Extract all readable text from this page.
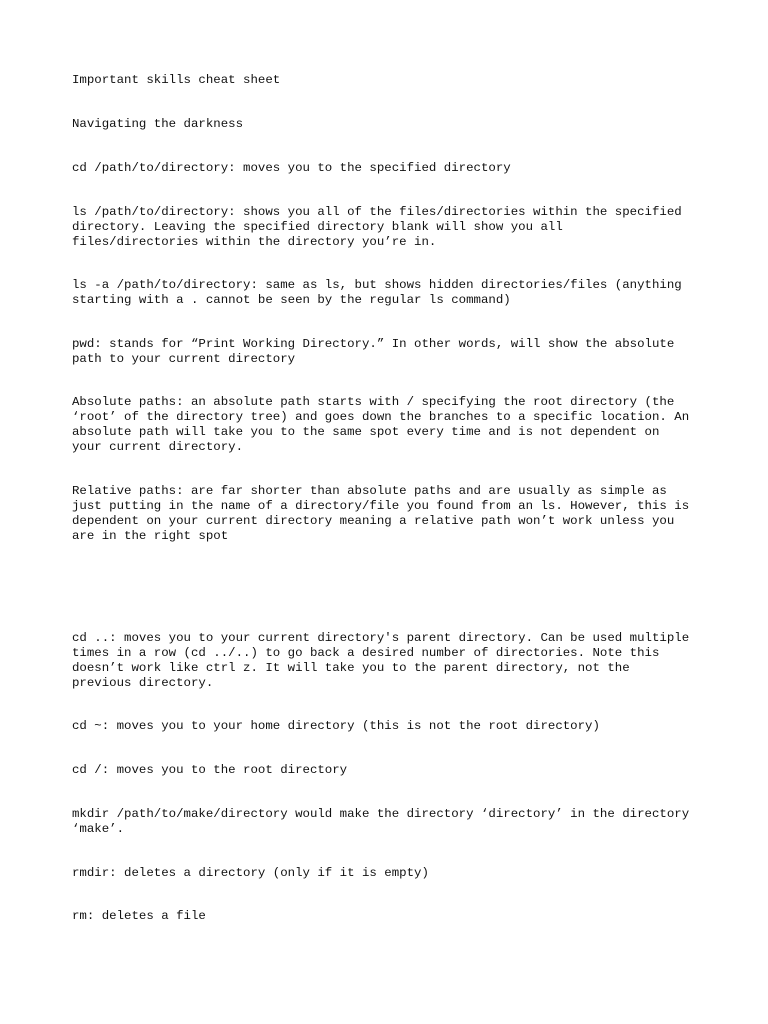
Important skills cheat sheet

Navigating the darkness

cd /path/to/directory: moves you to the specified directory

ls /path/to/directory: shows you all of the files/directories within the specified

directory. Leaving the specified directory blank will show you all

files/directories within the directory you’re in.

ls -a /path/to/directory: same as ls, but shows hidden directories/files (anything

starting with a . cannot be seen by the regular ls command)

pwd: stands for “Print Working Directory.” In other words, will show the absolute

path to your current directory

Absolute paths: an absolute path starts with / specifying the root directory (the

‘root’ of the directory tree) and goes down the branches to a specific location. An

absolute path will take you to the same spot every time and is not dependent on

your current directory.

Relative paths: are far shorter than absolute paths and are usually as simple as

just putting in the name of a directory/file you found from an ls. However, this is

dependent on your current directory meaning a relative path won’t work unless you

are in the right spot

cd ..: moves you to your current directory's parent directory. Can be used multiple

times in a row (cd ../..) to go back a desired number of directories. Note this

doesn’t work like ctrl z. It will take you to the parent directory, not the

previous directory.

cd ~: moves you to your home directory (this is not the root directory)

cd /: moves you to the root directory

mkdir /path/to/make/directory would make the directory ‘directory’ in the directory

‘make’.

rmdir: deletes a directory (only if it is empty)

rm: deletes a file
